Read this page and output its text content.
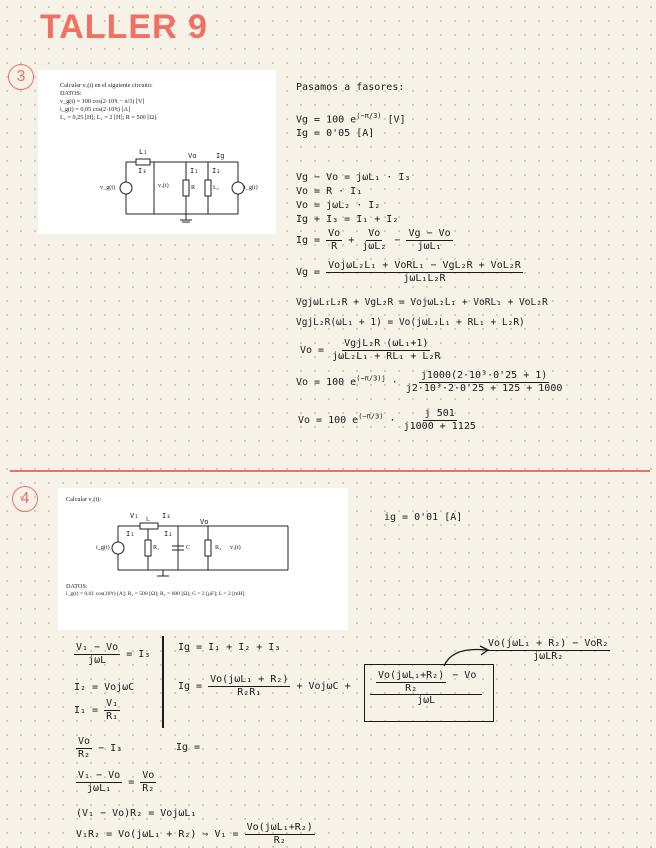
TALLER 9
3
Calcular vₒ(t) en el siguiente circuito:
DATOS:
v_g(t) = 100 cos(2·10³t − π/3) [V]
i_g(t) = 0,05 cos(2·10³t) [A]
L₁ = 0,25 [H]; L₂ = 2 [H]; R = 500 [Ω].
v_g(t)	vₒ(t)	R	L₂	i_g(t)
L₁
I₃	I₁ I₂
Vo	Ig
Pasamos a fasores:
Vg = 100 $e^{(-\pi/3)}$ [V]
Ig = 0'05 [A]
Vg − Vo = jωL₁ · I₃
Vo = R · I₁
Vo = jωL₂ · I₂
Ig + I₃ = I₁ + I₂
$Ig = \frac{Vo}{R} + \frac{Vo}{\text{jωL₂}} - \frac{Vg - Vo}{\text{jωL₁}}$
$Vg = \frac{\text{VojωL₂L₁ + VoRL₁ − VgL₂R + VoL₂R}}{\text{jωL₁L₂R}}$
VgjωL₁L₂R + VgL₂R = VojωL₂L₁ + VoRL₁ + VoL₂R
VgjL₂R(ωL₁ + 1) = Vo(jωL₂L₁ + RL₁ + L₂R)
$Vo = \frac{\text{VgjL₂R (ωL₁+1)}}{\text{jωL₂L₁ + RL₁ + L₂R}}$
Vo = 100 $e^{(-\pi/3)j} \cdot \frac{\text{j1000(2·10³·0'25 + 1)}}{\text{j2·10³·2·0'25 + 125 + 1000}}$
Vo = 100 $e^{(-\pi/3)} \cdot \frac{j 501}{j1000 + 1125}$
4	Calcular vₒ(t):
i_g(t)	R₁	C	R₂ vₒ(t)
L
V₁	I₃
Vo
I₁	I₂
DATOS:
i_g(t) = 0,01 cos(10³t) [A]; R₁ = 500 [Ω]; R₂ = 600 [Ω]; C = 2 [μF]; L = 2 [mH].
ig = 0'01 [A]
$\frac{\text{V₁ − Vo}}{\text{jωL}} = I_3$
I₂ = VojωC
$I_1 = \frac{\text{V₁}}{\text{R₁}}$
Ig = I₁ + I₂ + I₃
$Ig = \frac{\text{Vo(jωL₁ + R₂)}}{\text{R₂R₁}} + Voj\omega C + \frac{\frac{\text{Vo(jωL₁+R₂)}}{\text{R₂}} - Vo}{\text{jωL}}$
$\frac{\text{Vo(jωL₁ + R₂) − VoR₂}}{\text{jωLR₂}}$
$\frac{Vo}{\text{R₂}} - I_3$	Ig =
$\frac{\text{V₁ − Vo}}{\text{jωL₁}} = \frac{Vo}{\text{R₂}}$
(V₁ − Vo)R₂ = VojωL₁
V₁R₂ = Vo(jωL₁ + R₂) ⇒ $V_1 = \frac{\text{Vo(jωL₁+R₂)}}{\text{R₂}}$
